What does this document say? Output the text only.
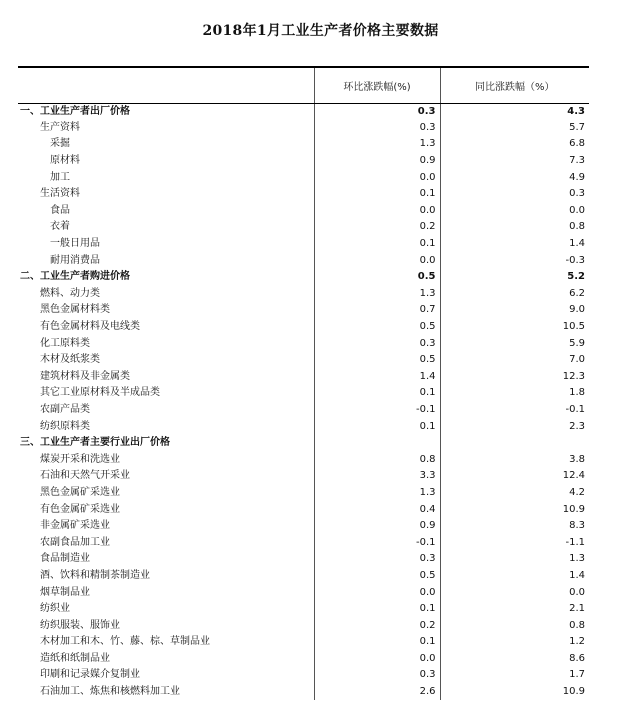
2018年1月工业生产者价格主要数据
	环比涨跌幅(%)	同比涨跌幅（%）
一、工业生产者出厂价格	0.3	4.3
生产资料	0.3	5.7
采掘	1.3	6.8
原材料	0.9	7.3
加工	0.0	4.9
生活资料	0.1	0.3
食品	0.0	0.0
衣着	0.2	0.8
一般日用品	0.1	1.4
耐用消费品	0.0	-0.3
二、工业生产者购进价格	0.5	5.2
燃料、动力类	1.3	6.2
黑色金属材料类	0.7	9.0
有色金属材料及电线类	0.5	10.5
化工原料类	0.3	5.9
木材及纸浆类	0.5	7.0
建筑材料及非金属类	1.4	12.3
其它工业原材料及半成品类	0.1	1.8
农副产品类	-0.1	-0.1
纺织原料类	0.1	2.3
三、工业生产者主要行业出厂价格		
煤炭开采和洗选业	0.8	3.8
石油和天然气开采业	3.3	12.4
黑色金属矿采选业	1.3	4.2
有色金属矿采选业	0.4	10.9
非金属矿采选业	0.9	8.3
农副食品加工业	-0.1	-1.1
食品制造业	0.3	1.3
酒、饮料和精制茶制造业	0.5	1.4
烟草制品业	0.0	0.0
纺织业	0.1	2.1
纺织服装、服饰业	0.2	0.8
木材加工和木、竹、藤、棕、草制品业	0.1	1.2
造纸和纸制品业	0.0	8.6
印刷和记录媒介复制业	0.3	1.7
石油加工、炼焦和核燃料加工业	2.6	10.9
